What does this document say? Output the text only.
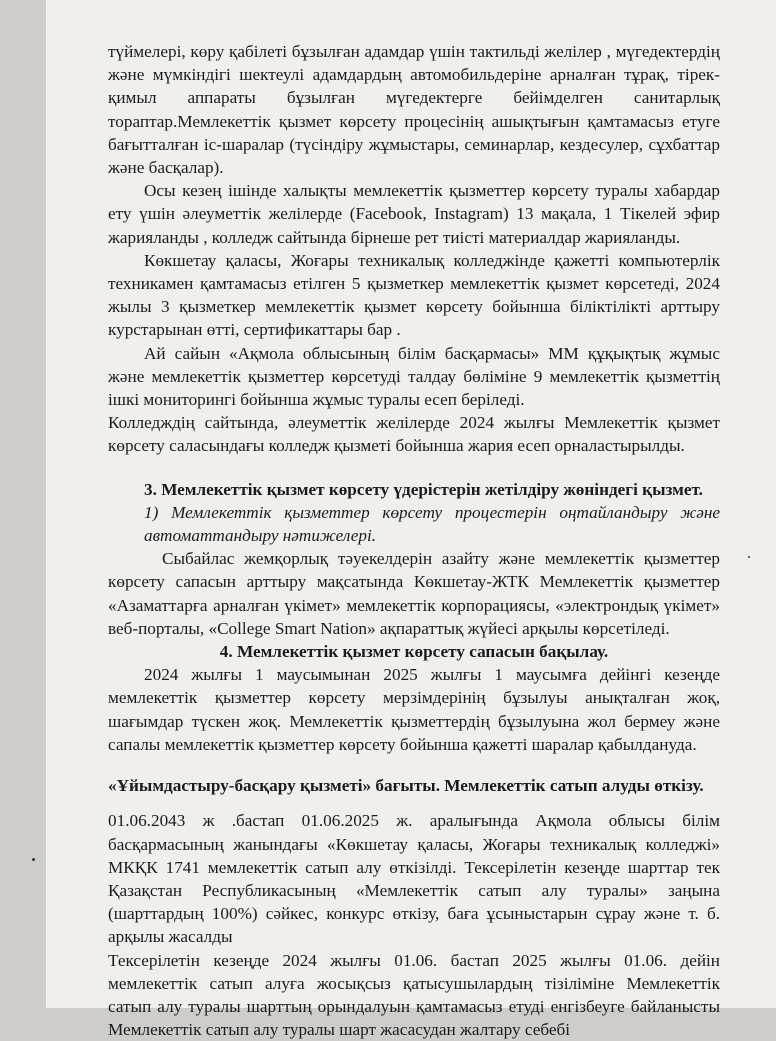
түймелері, көру қабілеті бұзылған адамдар үшін тактильді желілер , мүгедектердің және мүмкіндігі шектеулі адамдардың автомобильдеріне арналған тұрақ, тірек-қимыл аппараты бұзылған мүгедектерге бейімделген санитарлық тораптар.Мемлекеттік қызмет көрсету процесінің ашықтығын қамтамасыз етуге бағытталған іс-шаралар (түсіндіру жұмыстары, семинарлар, кездесулер, сұхбаттар және басқалар).

Осы кезең ішінде халықты мемлекеттік қызметтер көрсету туралы хабардар ету үшін әлеуметтік желілерде (Facebook, Instagram) 13 мақала, 1 Тікелей эфир жарияланды , колледж сайтында бірнеше рет тиісті материалдар жарияланды.

Көкшетау қаласы, Жоғары техникалық колледжінде қажетті компьютерлік техникамен қамтамасыз етілген 5 қызметкер мемлекеттік қызмет көрсетеді, 2024 жылы 3 қызметкер мемлекеттік қызмет көрсету бойынша біліктілікті арттыру курстарынан өтті, сертификаттары бар .

Ай сайын «Ақмола облысының білім басқармасы» ММ құқықтық жұмыс және мемлекеттік қызметтер көрсетуді талдау бөліміне 9 мемлекеттік қызметтің ішкі мониторингі бойынша жұмыс туралы есеп беріледі.

Колледждің сайтында, әлеуметтік желілерде 2024 жылғы Мемлекеттік қызмет көрсету саласындағы колледж қызметі бойынша жария есеп орналастырылды.

3. Мемлекеттік қызмет көрсету үдерістерін жетілдіру жөніндегі қызмет.

1) Мемлекеттік қызметтер көрсету процестерін оңтайландыру және автоматтандыру нәтижелері.

Сыбайлас жемқорлық тәуекелдерін азайту және мемлекеттік қызметтер көрсету сапасын арттыру мақсатында Көкшетау-ЖТК Мемлекеттік қызметтер «Азаматтарға арналған үкімет» мемлекеттік корпорациясы, «электрондық үкімет» веб-порталы, «College Smart Nation» ақпараттық жүйесі арқылы көрсетіледі.

4. Мемлекеттік қызмет көрсету сапасын бақылау.

2024 жылғы 1 маусымынан 2025 жылғы 1 маусымға дейінгі кезеңде мемлекеттік қызметтер көрсету мерзімдерінің бұзылуы анықталған жоқ, шағымдар түскен жоқ. Мемлекеттік қызметтердің бұзылуына жол бермеу және сапалы мемлекеттік қызметтер көрсету бойынша қажетті шаралар қабылдануда.

«Ұйымдастыру-басқару қызметі» бағыты. Мемлекеттік сатып алуды өткізу.

01.06.2043 ж .бастап 01.06.2025 ж. аралығында Ақмола облысы білім басқармасының жанындағы «Көкшетау қаласы, Жоғары техникалық колледжі» МКҚК 1741 мемлекеттік сатып алу өткізілді. Тексерілетін кезеңде шарттар тек Қазақстан Республикасының «Мемлекеттік сатып алу туралы» заңына (шарттардың 100%) сәйкес, конкурс өткізу, баға ұсыныстарын сұрау және т. б. арқылы жасалды

Тексерілетін кезеңде 2024 жылғы 01.06. бастап 2025 жылғы 01.06. дейін мемлекеттік сатып алуға жосықсыз қатысушылардың тізіліміне Мемлекеттік сатып алу туралы шарттың орындалуын қамтамасыз етуді енгізбеуге байланысты Мемлекеттік сатып алу туралы шарт жасасудан жалтару себебі
